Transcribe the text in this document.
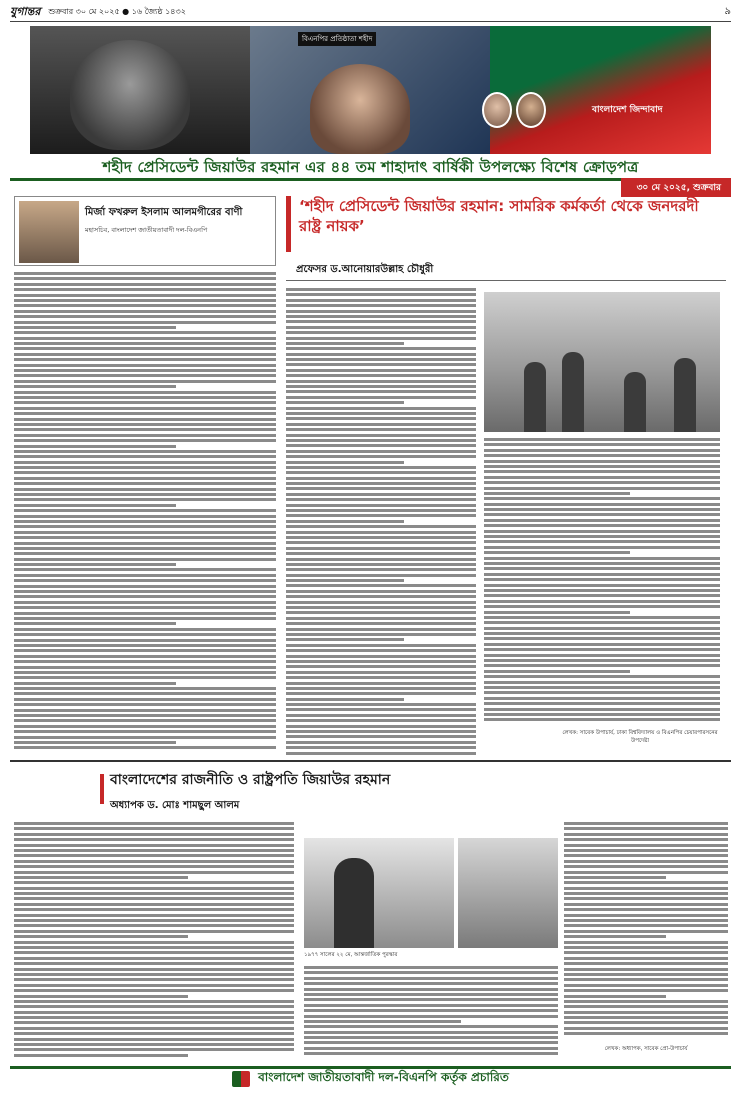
যুগান্তর শুক্রবার ৩০ মে ২০২৫ ● ১৬ জ্যৈষ্ঠ ১৪৩২	৯
বিএনপির প্রতিষ্ঠাতা শহীদ
বাংলাদেশ জিন্দাবাদ
শহীদ প্রেসিডেন্ট জিয়াউর রহমান এর ৪৪ তম শাহাদাৎ বার্ষিকী উপলক্ষ্যে বিশেষ ক্রোড়পত্র
৩০ মে ২০২৫, শুক্রবার
মির্জা ফখরুল ইসলাম আলমগীরের বাণী
মহাসচিব, বাংলাদেশ জাতীয়তাবাদী দল-বিএনপি
‘শহীদ প্রেসিডেন্ট জিয়াউর রহমান: সামরিক কর্মকর্তা থেকে জনদরদী রাষ্ট্র নায়ক’
প্রফেসর ড.আনোয়ারউল্লাহ চৌধুরী
লেখক: সাবেক উপাচার্য, ঢাকা বিশ্ববিদ্যালয় ও বিএনপির চেয়ারপারসনের উপদেষ্টা
বাংলাদেশের রাজনীতি ও রাষ্ট্রপতি জিয়াউর রহমান
অধ্যাপক ড. মোঃ শামছুল আলম
১৯৭৭ সালের ২২ মে, আন্তর্জাতিক পুরস্কার
লেখক: অধ্যাপক, সাবেক প্রো-উপাচার্য
বাংলাদেশ জাতীয়তাবাদী দল-বিএনপি কর্তৃক প্রচারিত
